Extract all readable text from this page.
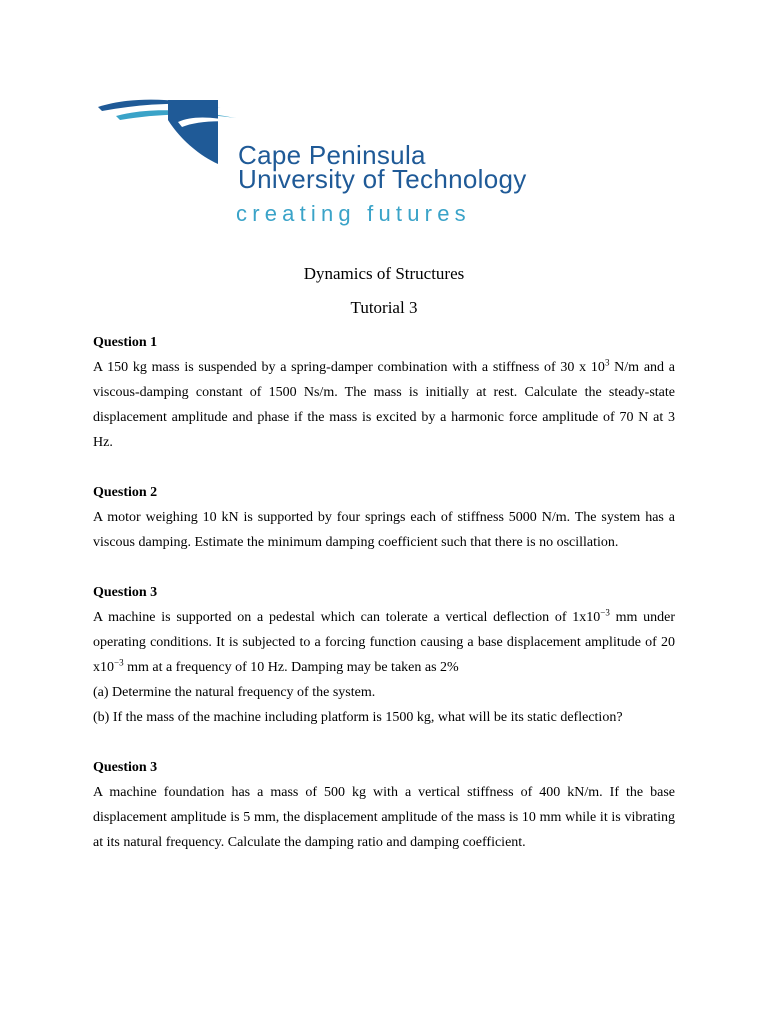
Cape Peninsula
University of Technology
creating futures
Dynamics of Structures
Tutorial 3

Question 1

A 150 kg mass is suspended by a spring-damper combination with a stiffness of 30 x $10^3$ N/m and a viscous-damping constant of 1500 Ns/m. The mass is initially at rest. Calculate the steady-state displacement amplitude and phase if the mass is excited by a harmonic force amplitude of 70 N at 3 Hz.

Question 2

A motor weighing 10 kN is supported by four springs each of stiffness 5000 N/m. The system has a viscous damping. Estimate the minimum damping coefficient such that there is no oscillation.

Question 3

A machine is supported on a pedestal which can tolerate a vertical deflection of $1x10^{-3}$ mm under operating conditions. It is subjected to a forcing function causing a base displacement amplitude of 20 $x10^{-3}$ mm at a frequency of 10 Hz. Damping may be taken as 2%

(a) Determine the natural frequency of the system.

(b) If the mass of the machine including platform is 1500 kg, what will be its static deflection?

Question 3

A machine foundation has a mass of 500 kg with a vertical stiffness of 400 kN/m. If the base displacement amplitude is 5 mm, the displacement amplitude of the mass is 10 mm while it is vibrating at its natural frequency. Calculate the damping ratio and damping coefficient.
